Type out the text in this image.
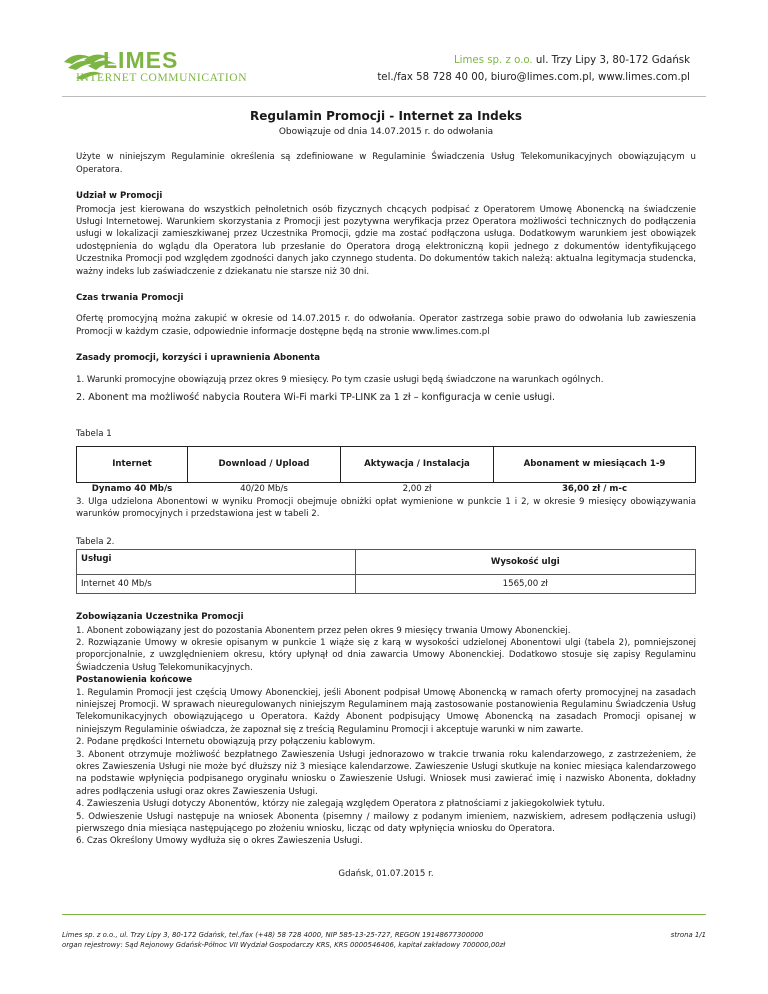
LIMES
INTERNET COMMUNICATION
Limes sp. z o.o. ul. Trzy Lipy 3, 80-172 Gdańsk
tel./fax 58 728 40 00, biuro@limes.com.pl, www.limes.com.pl
Regulamin Promocji - Internet za Indeks
Obowiązuje od dnia 14.07.2015 r. do odwołania

Użyte w niniejszym Regulaminie określenia są zdefiniowane w Regulaminie Świadczenia Usług Telekomunikacyjnych obowiązującym u Operatora.

Udział w Promocji

Promocja jest kierowana do wszystkich pełnoletnich osób fizycznych chcących podpisać z Operatorem Umowę Abonencką na świadczenie Usługi Internetowej. Warunkiem skorzystania z Promocji jest pozytywna weryfikacja przez Operatora możliwości technicznych do podłączenia usługi w lokalizacji zamieszkiwanej przez Uczestnika Promocji, gdzie ma zostać podłączona usługa. Dodatkowym warunkiem jest obowiązek udostępnienia do wglądu dla Operatora lub przesłanie do Operatora drogą elektroniczną kopii jednego z dokumentów identyfikującego Uczestnika Promocji pod względem zgodności danych jako czynnego studenta. Do dokumentów takich należą: aktualna legitymacja studencka, ważny indeks lub zaświadczenie z dziekanatu nie starsze niż 30 dni.

Czas trwania Promocji

Ofertę promocyjną można zakupić w okresie od 14.07.2015 r. do odwołania. Operator zastrzega sobie prawo do odwołania lub zawieszenia Promocji w każdym czasie, odpowiednie informacje dostępne będą na stronie www.limes.com.pl

Zasady promocji, korzyści i uprawnienia Abonenta

1. Warunki promocyjne obowiązują przez okres 9 miesięcy. Po tym czasie usługi będą świadczone na warunkach ogólnych.

2. Abonent ma możliwość nabycia Routera Wi-Fi marki TP-LINK za 1 zł – konfiguracja w cenie usługi.

Tabela 1
Internet	Download / Upload	Aktywacja / Instalacja	Abonament w miesiącach 1-9
Dynamo 40 Mb/s	40/20 Mb/s	2,00 zł	36,00 zł / m-c

3. Ulga udzielona Abonentowi w wyniku Promocji obejmuje obniżki opłat wymienione w punkcie 1 i 2, w okresie 9 miesięcy obowiązywania warunków promocyjnych i przedstawiona jest w tabeli 2.

Tabela 2.
Usługi	Wysokość ulgi
Internet 40 Mb/s	1565,00 zł
Zobowiązania Uczestnika Promocji

1. Abonent zobowiązany jest do pozostania Abonentem przez pełen okres 9 miesięcy trwania Umowy Abonenckiej.

2. Rozwiązanie Umowy w okresie opisanym w punkcie 1 wiąże się z karą w wysokości udzielonej Abonentowi ulgi (tabela 2), pomniejszonej proporcjonalnie, z uwzględnieniem okresu, który upłynął od dnia zawarcia Umowy Abonenckiej. Dodatkowo stosuje się zapisy Regulaminu Świadczenia Usług Telekomunikacyjnych.

Postanowienia końcowe

1. Regulamin Promocji jest częścią Umowy Abonenckiej, jeśli Abonent podpisał Umowę Abonencką w ramach oferty promocyjnej na zasadach niniejszej Promocji. W sprawach nieuregulowanych niniejszym Regulaminem mają zastosowanie postanowienia Regulaminu Świadczenia Usług Telekomunikacyjnych obowiązującego u Operatora. Każdy Abonent podpisujący Umowę Abonencką na zasadach Promocji opisanej w niniejszym Regulaminie oświadcza, że zapoznał się z treścią Regulaminu Promocji i akceptuje warunki w nim zawarte.

2. Podane prędkości Internetu obowiązują przy połączeniu kablowym.

3. Abonent otrzymuje możliwość bezpłatnego Zawieszenia Usługi jednorazowo w trakcie trwania roku kalendarzowego, z zastrzeżeniem, że okres Zawieszenia Usługi nie może być dłuższy niż 3 miesiące kalendarzowe. Zawieszenie Usługi skutkuje na koniec miesiąca kalendarzowego na podstawie wpłynięcia podpisanego oryginału wniosku o Zawieszenie Usługi. Wniosek musi zawierać imię i nazwisko Abonenta, dokładny adres podłączenia usługi oraz okres Zawieszenia Usługi.

4. Zawieszenia Usługi dotyczy Abonentów, którzy nie zalegają względem Operatora z płatnościami z jakiegokolwiek tytułu.

5. Odwieszenie Usługi następuje na wniosek Abonenta (pisemny / mailowy z podanym imieniem, nazwiskiem, adresem podłączenia usługi) pierwszego dnia miesiąca następującego po złożeniu wniosku, licząc od daty wpłynięcia wniosku do Operatora.

6. Czas Określony Umowy wydłuża się o okres Zawieszenia Usługi.

Gdańsk, 01.07.2015 r.
Limes sp. z o.o., ul. Trzy Lipy 3, 80-172 Gdańsk, tel./fax (+48) 58 728 4000, NIP 585-13-25-727, REGON 19148677300000
organ rejestrowy: Sąd Rejonowy Gdańsk-Północ VII Wydział Gospodarczy KRS, KRS 0000546406, kapitał zakładowy 700000,00zł
strona 1/1
